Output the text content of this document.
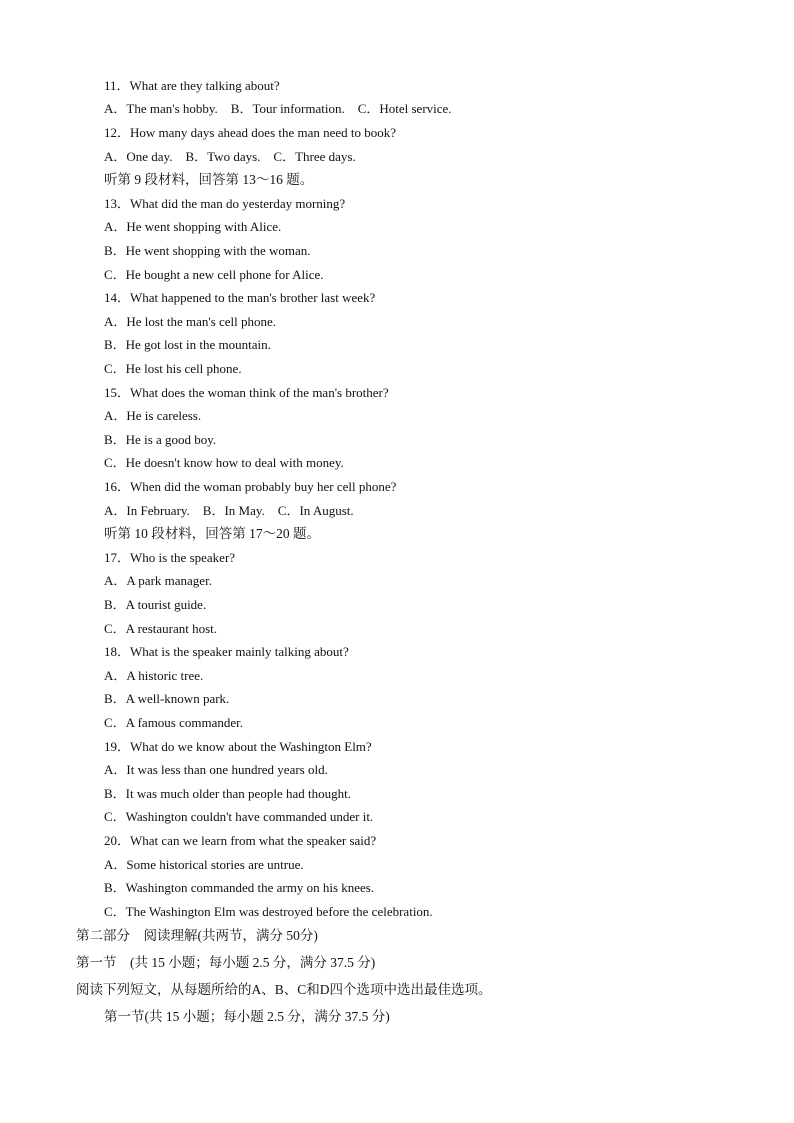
11．What are they talking about?
A．The man's hobby.　B．Tour information.　C．Hotel service.
12．How many days ahead does the man need to book?
A．One day.　B．Two days.　C．Three days.
听第 9 段材料，回答第 13～16 题。
13．What did the man do yesterday morning?
A．He went shopping with Alice.
B．He went shopping with the woman.
C．He bought a new cell phone for Alice.
14．What happened to the man's brother last week?
A．He lost the man's cell phone.
B．He got lost in the mountain.
C．He lost his cell phone.
15．What does the woman think of the man's brother?
A．He is careless.
B．He is a good boy.
C．He doesn't know how to deal with money.
16．When did the woman probably buy her cell phone?
A．In February.　B．In May.　C．In August.
听第 10 段材料，回答第 17～20 题。
17．Who is the speaker?
A．A park manager.
B．A tourist guide.
C．A restaurant host.
18．What is the speaker mainly talking about?
A．A historic tree.
B．A well-known park.
C．A famous commander.
19．What do we know about the Washington Elm?
A．It was less than one hundred years old.
B．It was much older than people had thought.
C．Washington couldn't have commanded under it.
20．What can we learn from what the speaker said?
A．Some historical stories are untrue.
B．Washington commanded the army on his knees.
C．The Washington Elm was destroyed before the celebration.
第二部分　阅读理解(共两节，满分 50分)
第一节　(共 15 小题；每小题 2.5 分，满分 37.5 分)
阅读下列短文，从每题所给的A、B、C和D四个选项中选出最佳选项。
第一节(共 15 小题；每小题 2.5 分，满分 37.5 分)
